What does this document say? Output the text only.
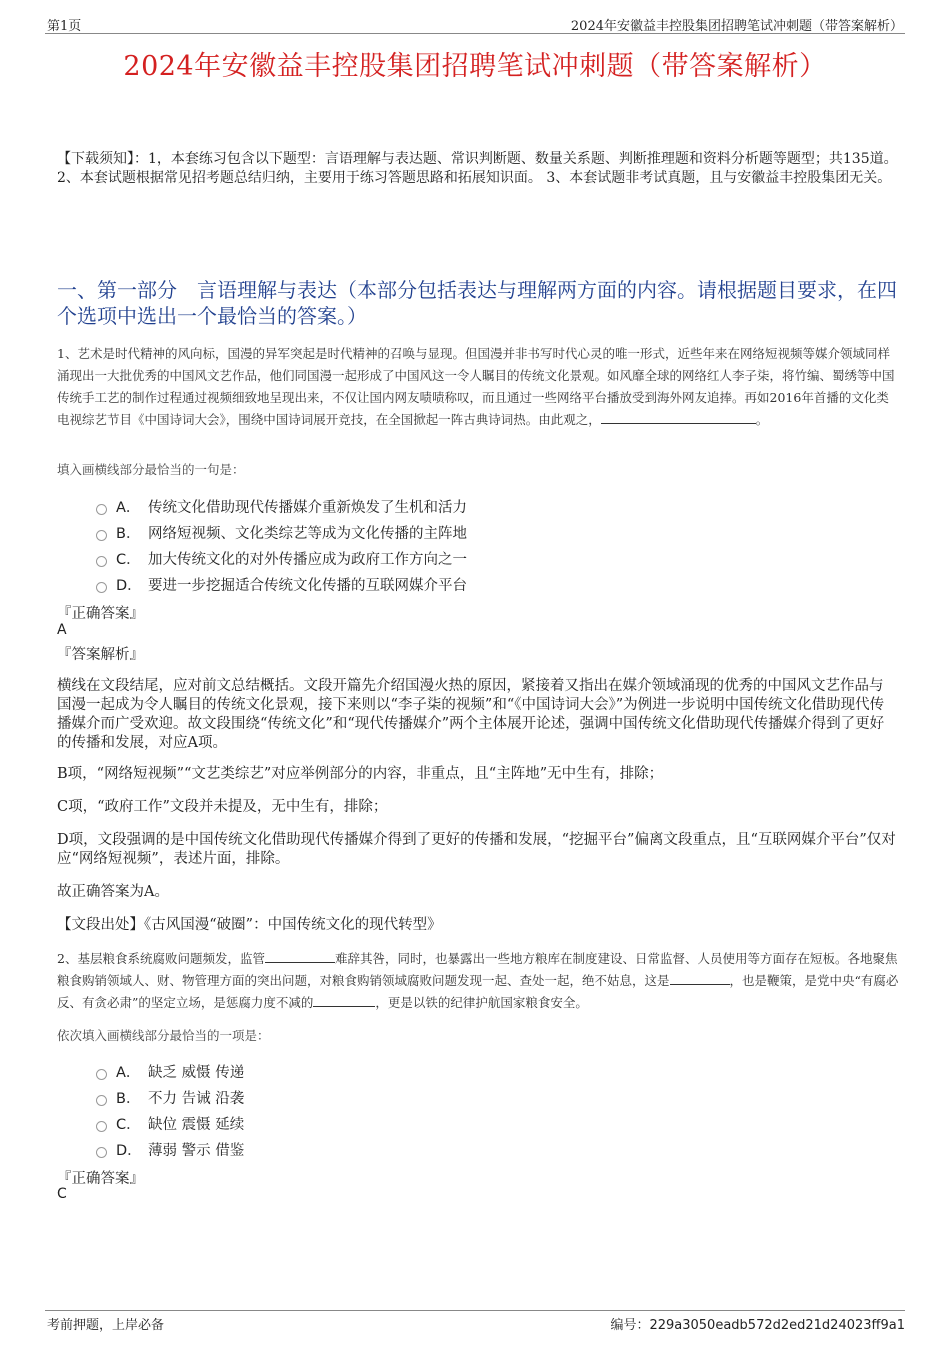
第1页	2024年安徽益丰控股集团招聘笔试冲刺题（带答案解析）
2024年安徽益丰控股集团招聘笔试冲刺题（带答案解析）
【下载须知】：1，本套练习包含以下题型：言语理解与表达题、常识判断题、数量关系题、判断推理题和资料分析题等题型；共135道。 2、本套试题根据常见招考题总结归纳，主要用于练习答题思路和拓展知识面。 3、本套试题非考试真题，且与安徽益丰控股集团无关。
一、第一部分　言语理解与表达（本部分包括表达与理解两方面的内容。请根据题目要求，在四个选项中选出一个最恰当的答案。）
1、艺术是时代精神的风向标，国漫的异军突起是时代精神的召唤与显现。但国漫并非书写时代心灵的唯一形式，近些年来在网络短视频等媒介领域同样涌现出一大批优秀的中国风文艺作品，他们同国漫一起形成了中国风这一令人瞩目的传统文化景观。如风靡全球的网络红人李子柒，将竹编、蜀绣等中国传统手工艺的制作过程通过视频细致地呈现出来，不仅让国内网友啧啧称叹，而且通过一些网络平台播放受到海外网友追捧。再如2016年首播的文化类电视综艺节目《中国诗词大会》，围绕中国诗词展开竞技，在全国掀起一阵古典诗词热。由此观之，	。
填入画横线部分最恰当的一句是：
A． 传统文化借助现代传播媒介重新焕发了生机和活力
B． 网络短视频、文化类综艺等成为文化传播的主阵地
C． 加大传统文化的对外传播应成为政府工作方向之一
D． 要进一步挖掘适合传统文化传播的互联网媒介平台
『正确答案』
A
『答案解析』
横线在文段结尾，应对前文总结概括。文段开篇先介绍国漫火热的原因，紧接着又指出在媒介领域涌现的优秀的中国风文艺作品与国漫一起成为令人瞩目的传统文化景观，接下来则以“李子柒的视频”和“《中国诗词大会》”为例进一步说明中国传统文化借助现代传播媒介而广受欢迎。故文段围绕“传统文化”和“现代传播媒介”两个主体展开论述，强调中国传统文化借助现代传播媒介得到了更好的传播和发展，对应A项。
B项，“网络短视频”“文艺类综艺”对应举例部分的内容，非重点，且“主阵地”无中生有，排除；
C项，“政府工作”文段并未提及，无中生有，排除；
D项，文段强调的是中国传统文化借助现代传播媒介得到了更好的传播和发展，“挖掘平台”偏离文段重点，且“互联网媒介平台”仅对应“网络短视频”，表述片面，排除。
故正确答案为A。
【文段出处】《古风国漫“破圈”：中国传统文化的现代转型》
2、基层粮食系统腐败问题频发，监管	难辞其咎，同时，也暴露出一些地方粮库在制度建设、日常监督、人员使用等方面存在短板。各地聚焦粮食购销领域人、财、物管理方面的突出问题，对粮食购销领域腐败问题发现一起、查处一起，绝不姑息，这是	，也是鞭策，是党中央“有腐必反、有贪必肃”的坚定立场，是惩腐力度不减的	，更是以铁的纪律护航国家粮食安全。
依次填入画横线部分最恰当的一项是：
A． 缺乏 威慑 传递
B． 不力 告诫 沿袭
C． 缺位 震慑 延续
D． 薄弱 警示 借鉴
『正确答案』
C
考前押题，上岸必备	编号：229a3050eadb572d2ed21d24023ff9a1
